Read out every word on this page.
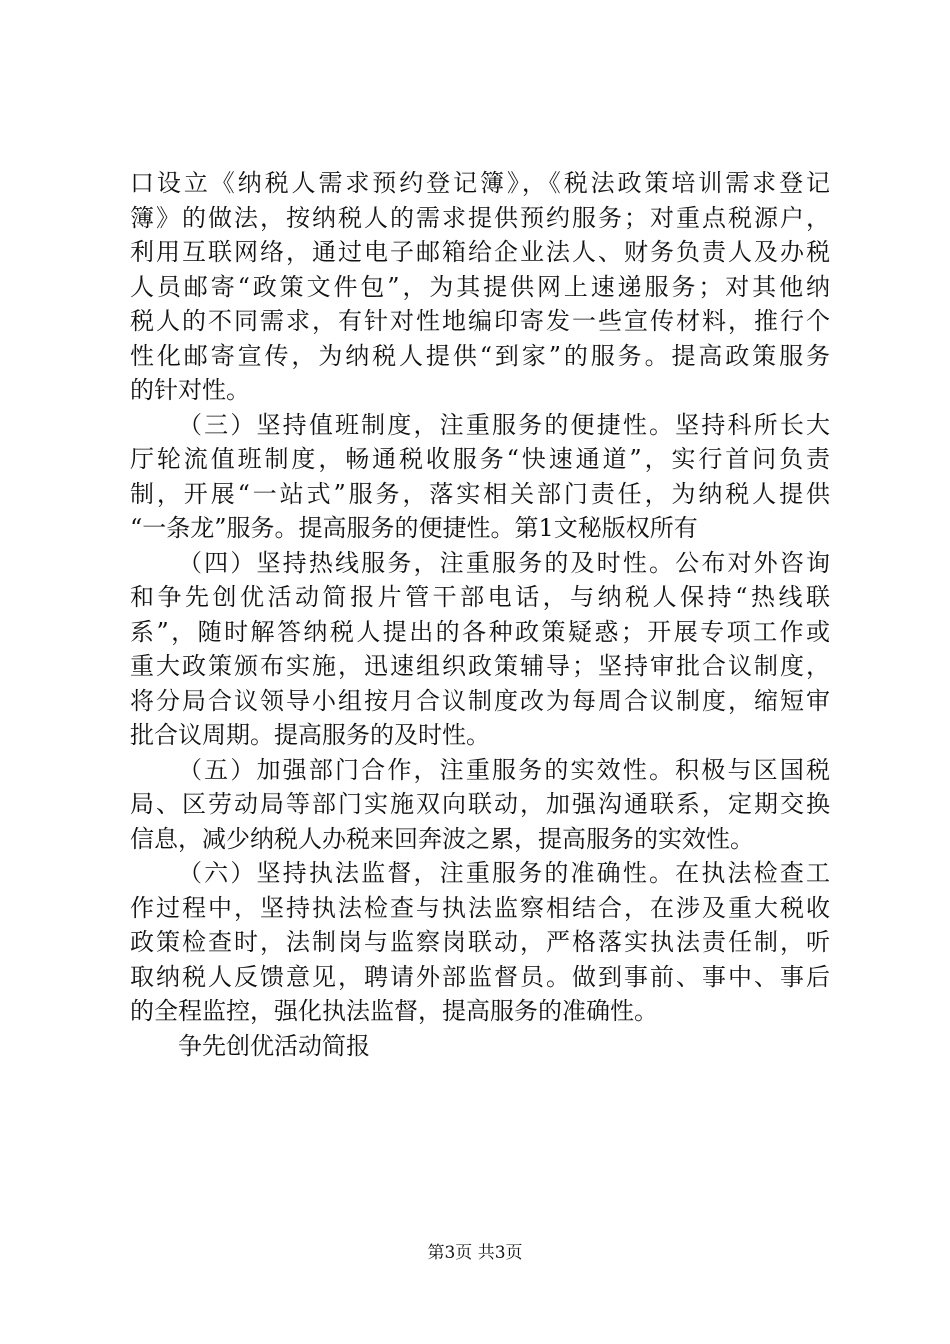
口设立《纳税人需求预约登记簿》，《税法政策培训需求登记
簿》的做法，按纳税人的需求提供预约服务；对重点税源户，
利用互联网络，通过电子邮箱给企业法人、财务负责人及办税
人员邮寄“政策文件包”，为其提供网上速递服务；对其他纳
税人的不同需求，有针对性地编印寄发一些宣传材料，推行个
性化邮寄宣传，为纳税人提供“到家”的服务。提高政策服务
的针对性。
（三）坚持值班制度，注重服务的便捷性。坚持科所长大
厅轮流值班制度，畅通税收服务“快速通道”，实行首问负责
制，开展“一站式”服务，落实相关部门责任，为纳税人提供
“一条龙”服务。提高服务的便捷性。第1文秘版权所有
（四）坚持热线服务，注重服务的及时性。公布对外咨询
和争先创优活动简报片管干部电话，与纳税人保持“热线联
系”，随时解答纳税人提出的各种政策疑惑；开展专项工作或
重大政策颁布实施，迅速组织政策辅导；坚持审批合议制度，
将分局合议领导小组按月合议制度改为每周合议制度，缩短审
批合议周期。提高服务的及时性。
（五）加强部门合作，注重服务的实效性。积极与区国税
局、区劳动局等部门实施双向联动，加强沟通联系，定期交换
信息，减少纳税人办税来回奔波之累，提高服务的实效性。
（六）坚持执法监督，注重服务的准确性。在执法检查工
作过程中，坚持执法检查与执法监察相结合，在涉及重大税收
政策检查时，法制岗与监察岗联动，严格落实执法责任制，听
取纳税人反馈意见，聘请外部监督员。做到事前、事中、事后
的全程监控，强化执法监督，提高服务的准确性。
争先创优活动简报
第3页 共3页
